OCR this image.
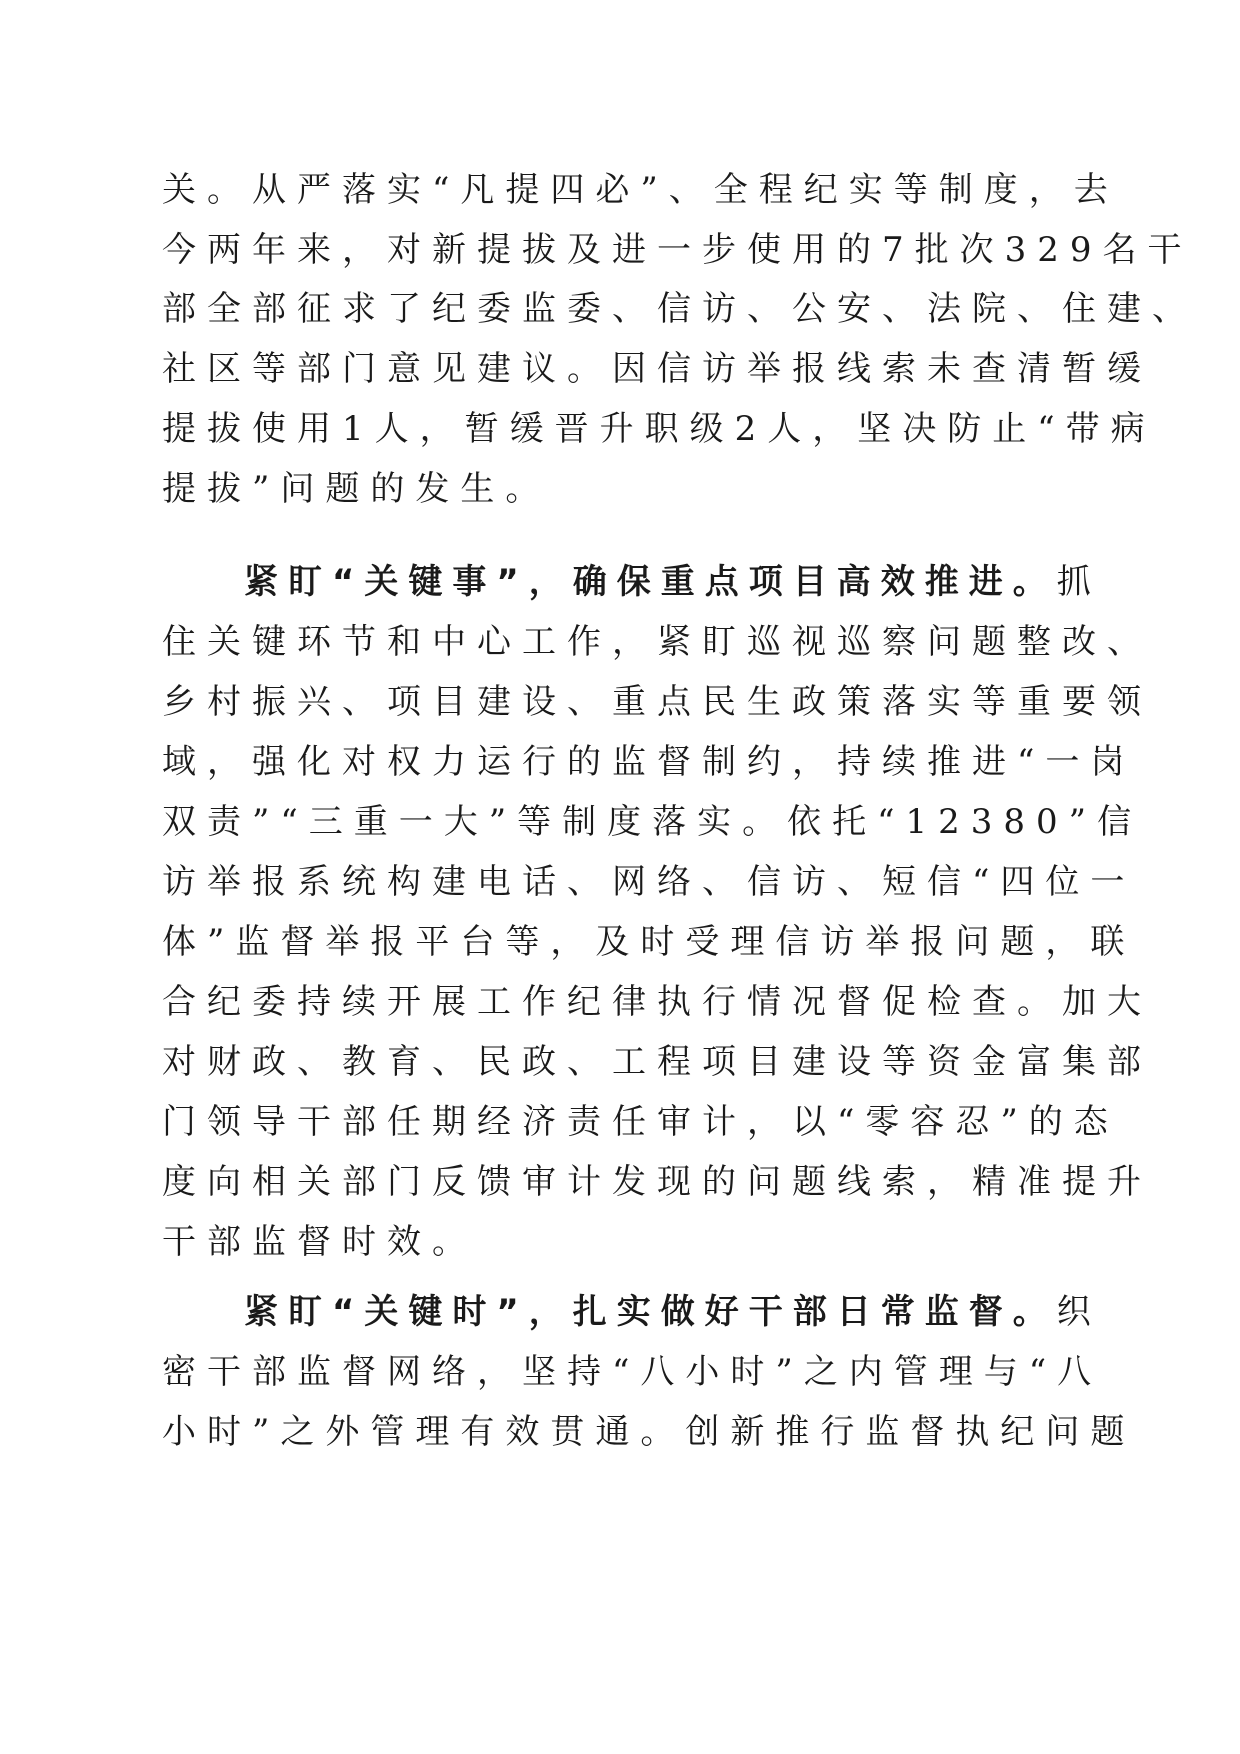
关。从严落实“凡提四必”、全程纪实等制度，去
今两年来，对新提拔及进一步使用的7批次329名干
部全部征求了纪委监委、信访、公安、法院、住建、
社区等部门意见建议。因信访举报线索未查清暂缓
提拔使用1人，暂缓晋升职级2人，坚决防止“带病
提拔”问题的发生。
紧盯“关键事”，确保重点项目高效推进。抓
住关键环节和中心工作，紧盯巡视巡察问题整改、
乡村振兴、项目建设、重点民生政策落实等重要领
域，强化对权力运行的监督制约，持续推进“一岗
双责”“三重一大”等制度落实。依托“12380”信
访举报系统构建电话、网络、信访、短信“四位一
体”监督举报平台等，及时受理信访举报问题，联
合纪委持续开展工作纪律执行情况督促检查。加大
对财政、教育、民政、工程项目建设等资金富集部
门领导干部任期经济责任审计，以“零容忍”的态
度向相关部门反馈审计发现的问题线索，精准提升
干部监督时效。
紧盯“关键时”，扎实做好干部日常监督。织
密干部监督网络，坚持“八小时”之内管理与“八
小时”之外管理有效贯通。创新推行监督执纪问题
